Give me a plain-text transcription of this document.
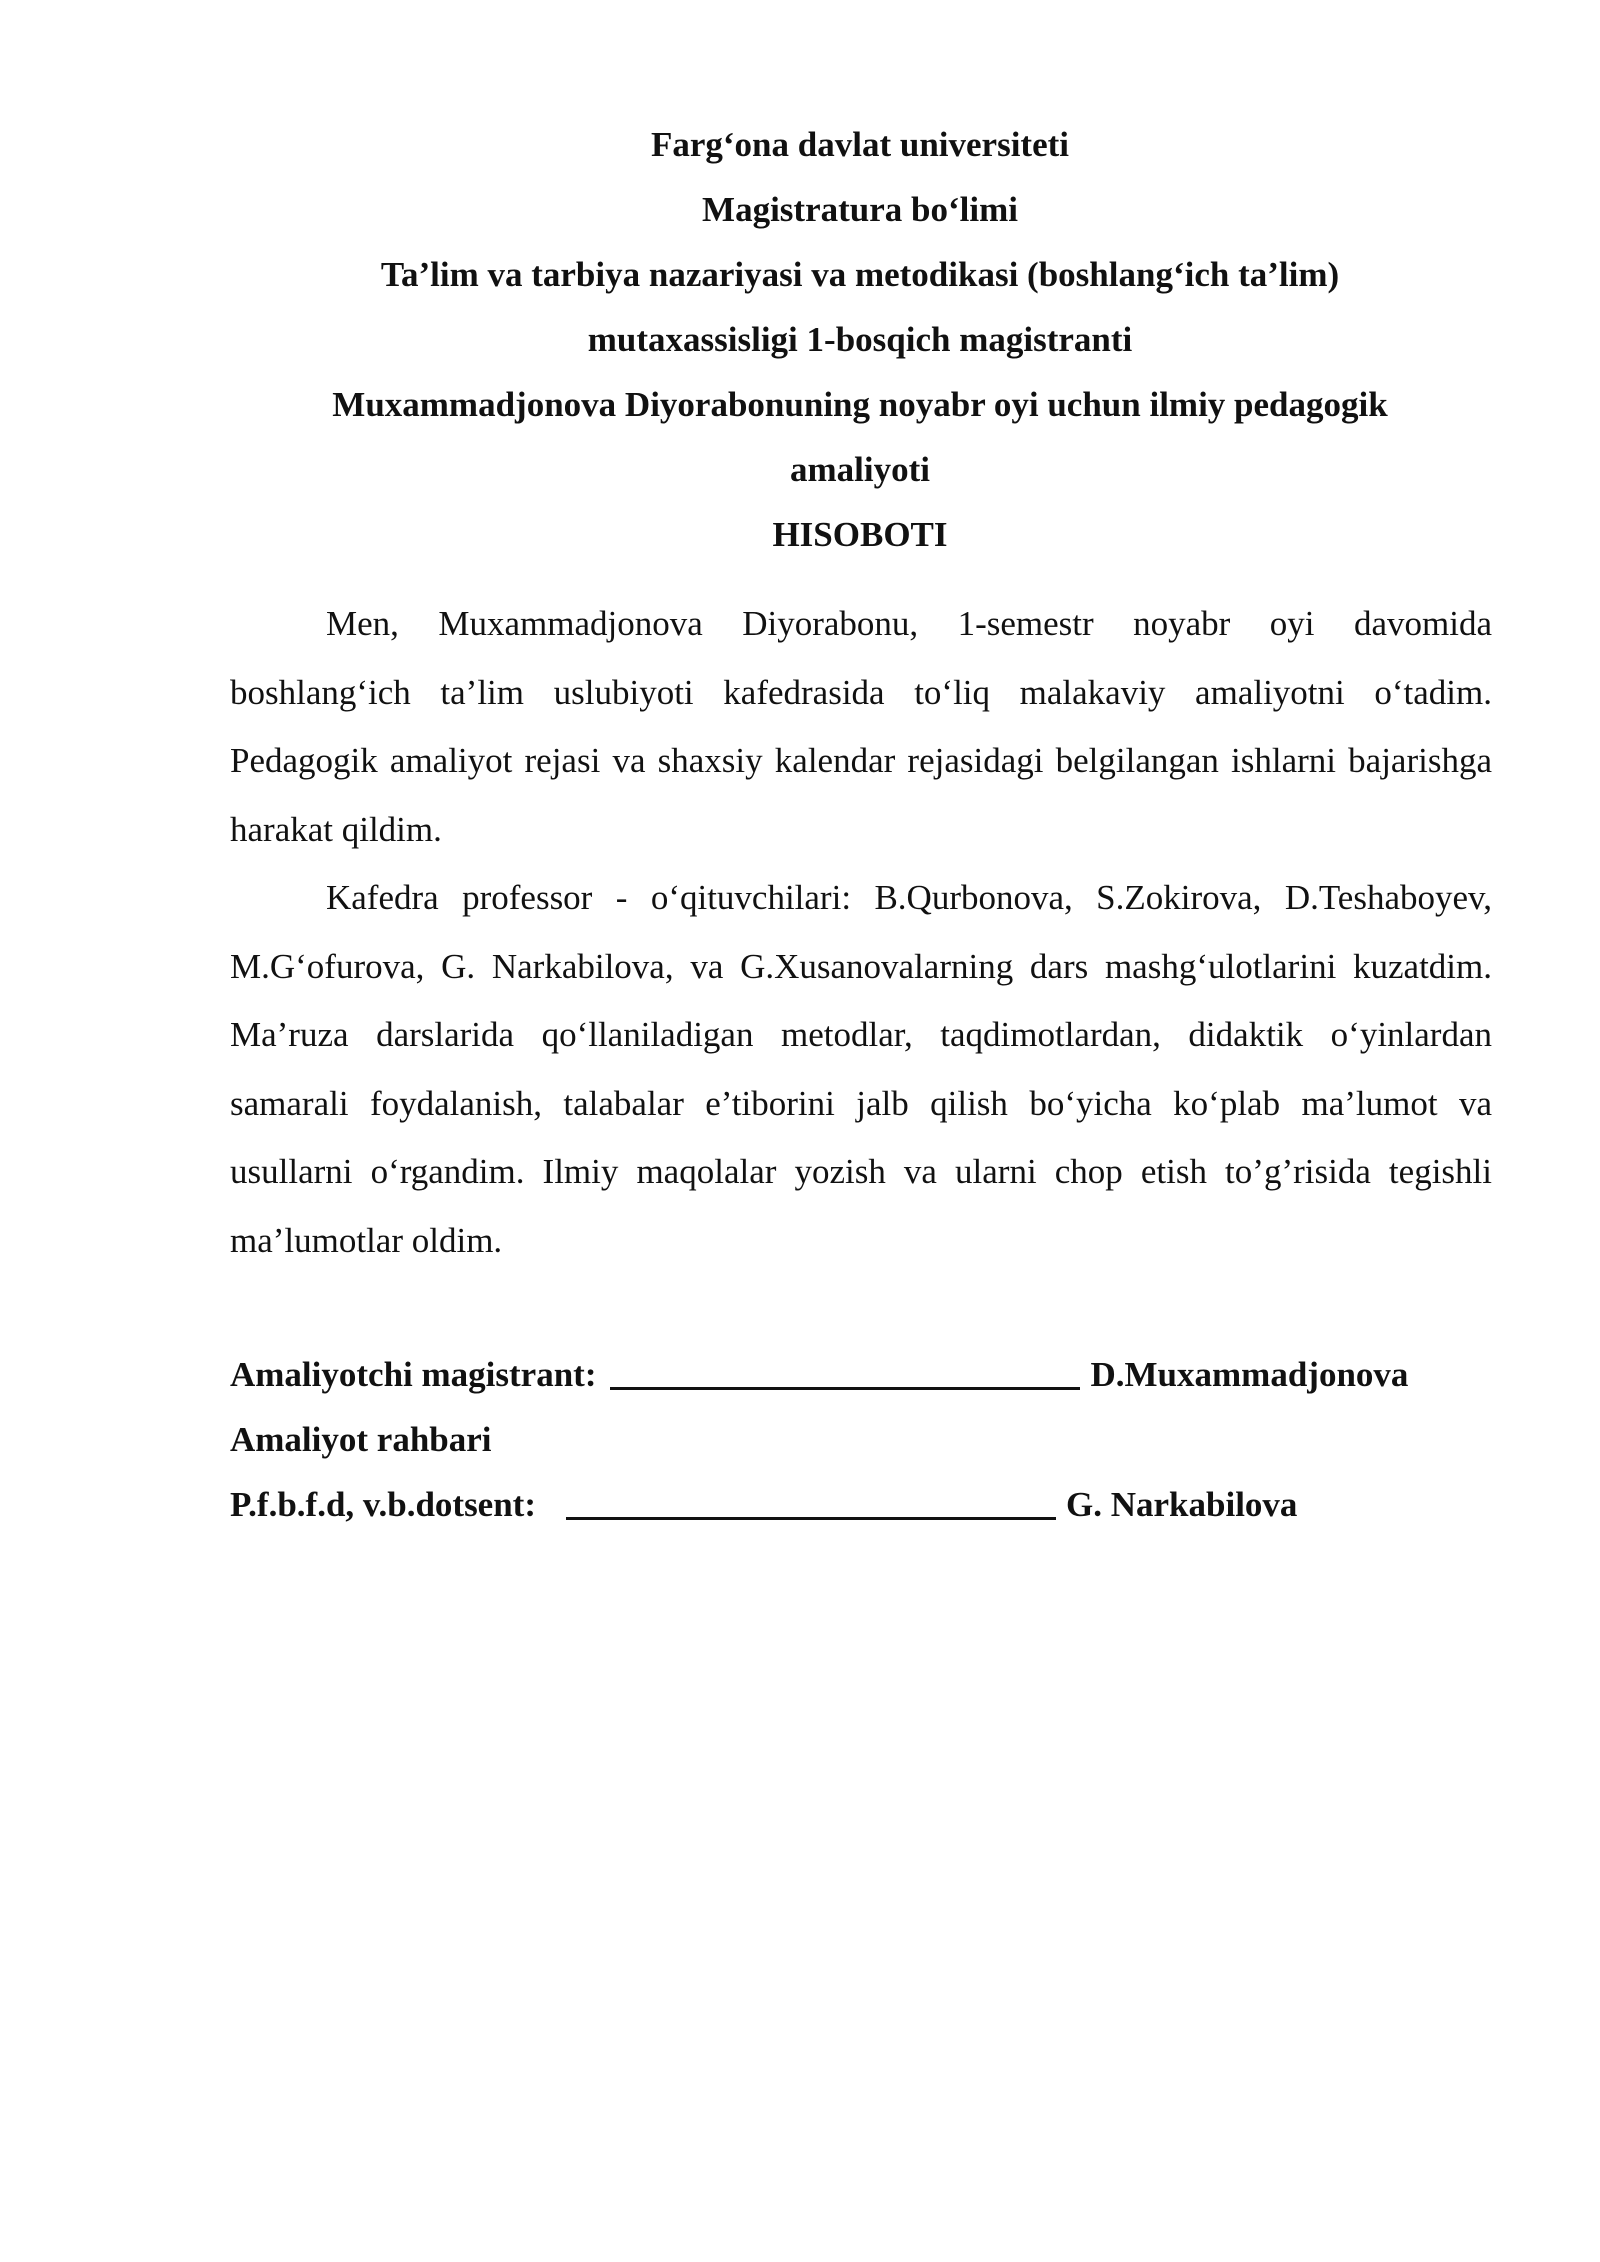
Farg‘ona davlat universiteti
Magistratura bo‘limi
Ta’lim va tarbiya nazariyasi va metodikasi (boshlang‘ich ta’lim)
mutaxassisligi 1-bosqich magistranti
Muxammadjonova Diyorabonuning noyabr oyi uchun ilmiy pedagogik
amaliyoti
HISOBOTI

Men, Muxammadjonova Diyorabonu, 1-semestr noyabr oyi davomida boshlang‘ich ta’lim uslubiyoti kafedrasida to‘liq malakaviy amaliyotni o‘tadim. Pedagogik amaliyot rejasi va shaxsiy kalendar rejasidagi belgilangan ishlarni bajarishga harakat qildim.

Kafedra professor - o‘qituvchilari: B.Qurbonova, S.Zokirova, D.Teshaboyev, M.G‘ofurova, G. Narkabilova, va G.Xusanovalarning dars mashg‘ulotlarini kuzatdim. Ma’ruza darslarida qo‘llaniladigan metodlar, taqdimotlardan, didaktik o‘yinlardan samarali foydalanish, talabalar e’tiborini jalb qilish bo‘yicha ko‘plab ma’lumot va usullarni o‘rgandim. Ilmiy maqolalar yozish va ularni chop etish to’g’risida tegishli ma’lumotlar oldim.

Amaliyotchi magistrant:	D.Muxammadjonova
Amaliyot rahbari
P.f.b.f.d, v.b.dotsent:	G. Narkabilova
